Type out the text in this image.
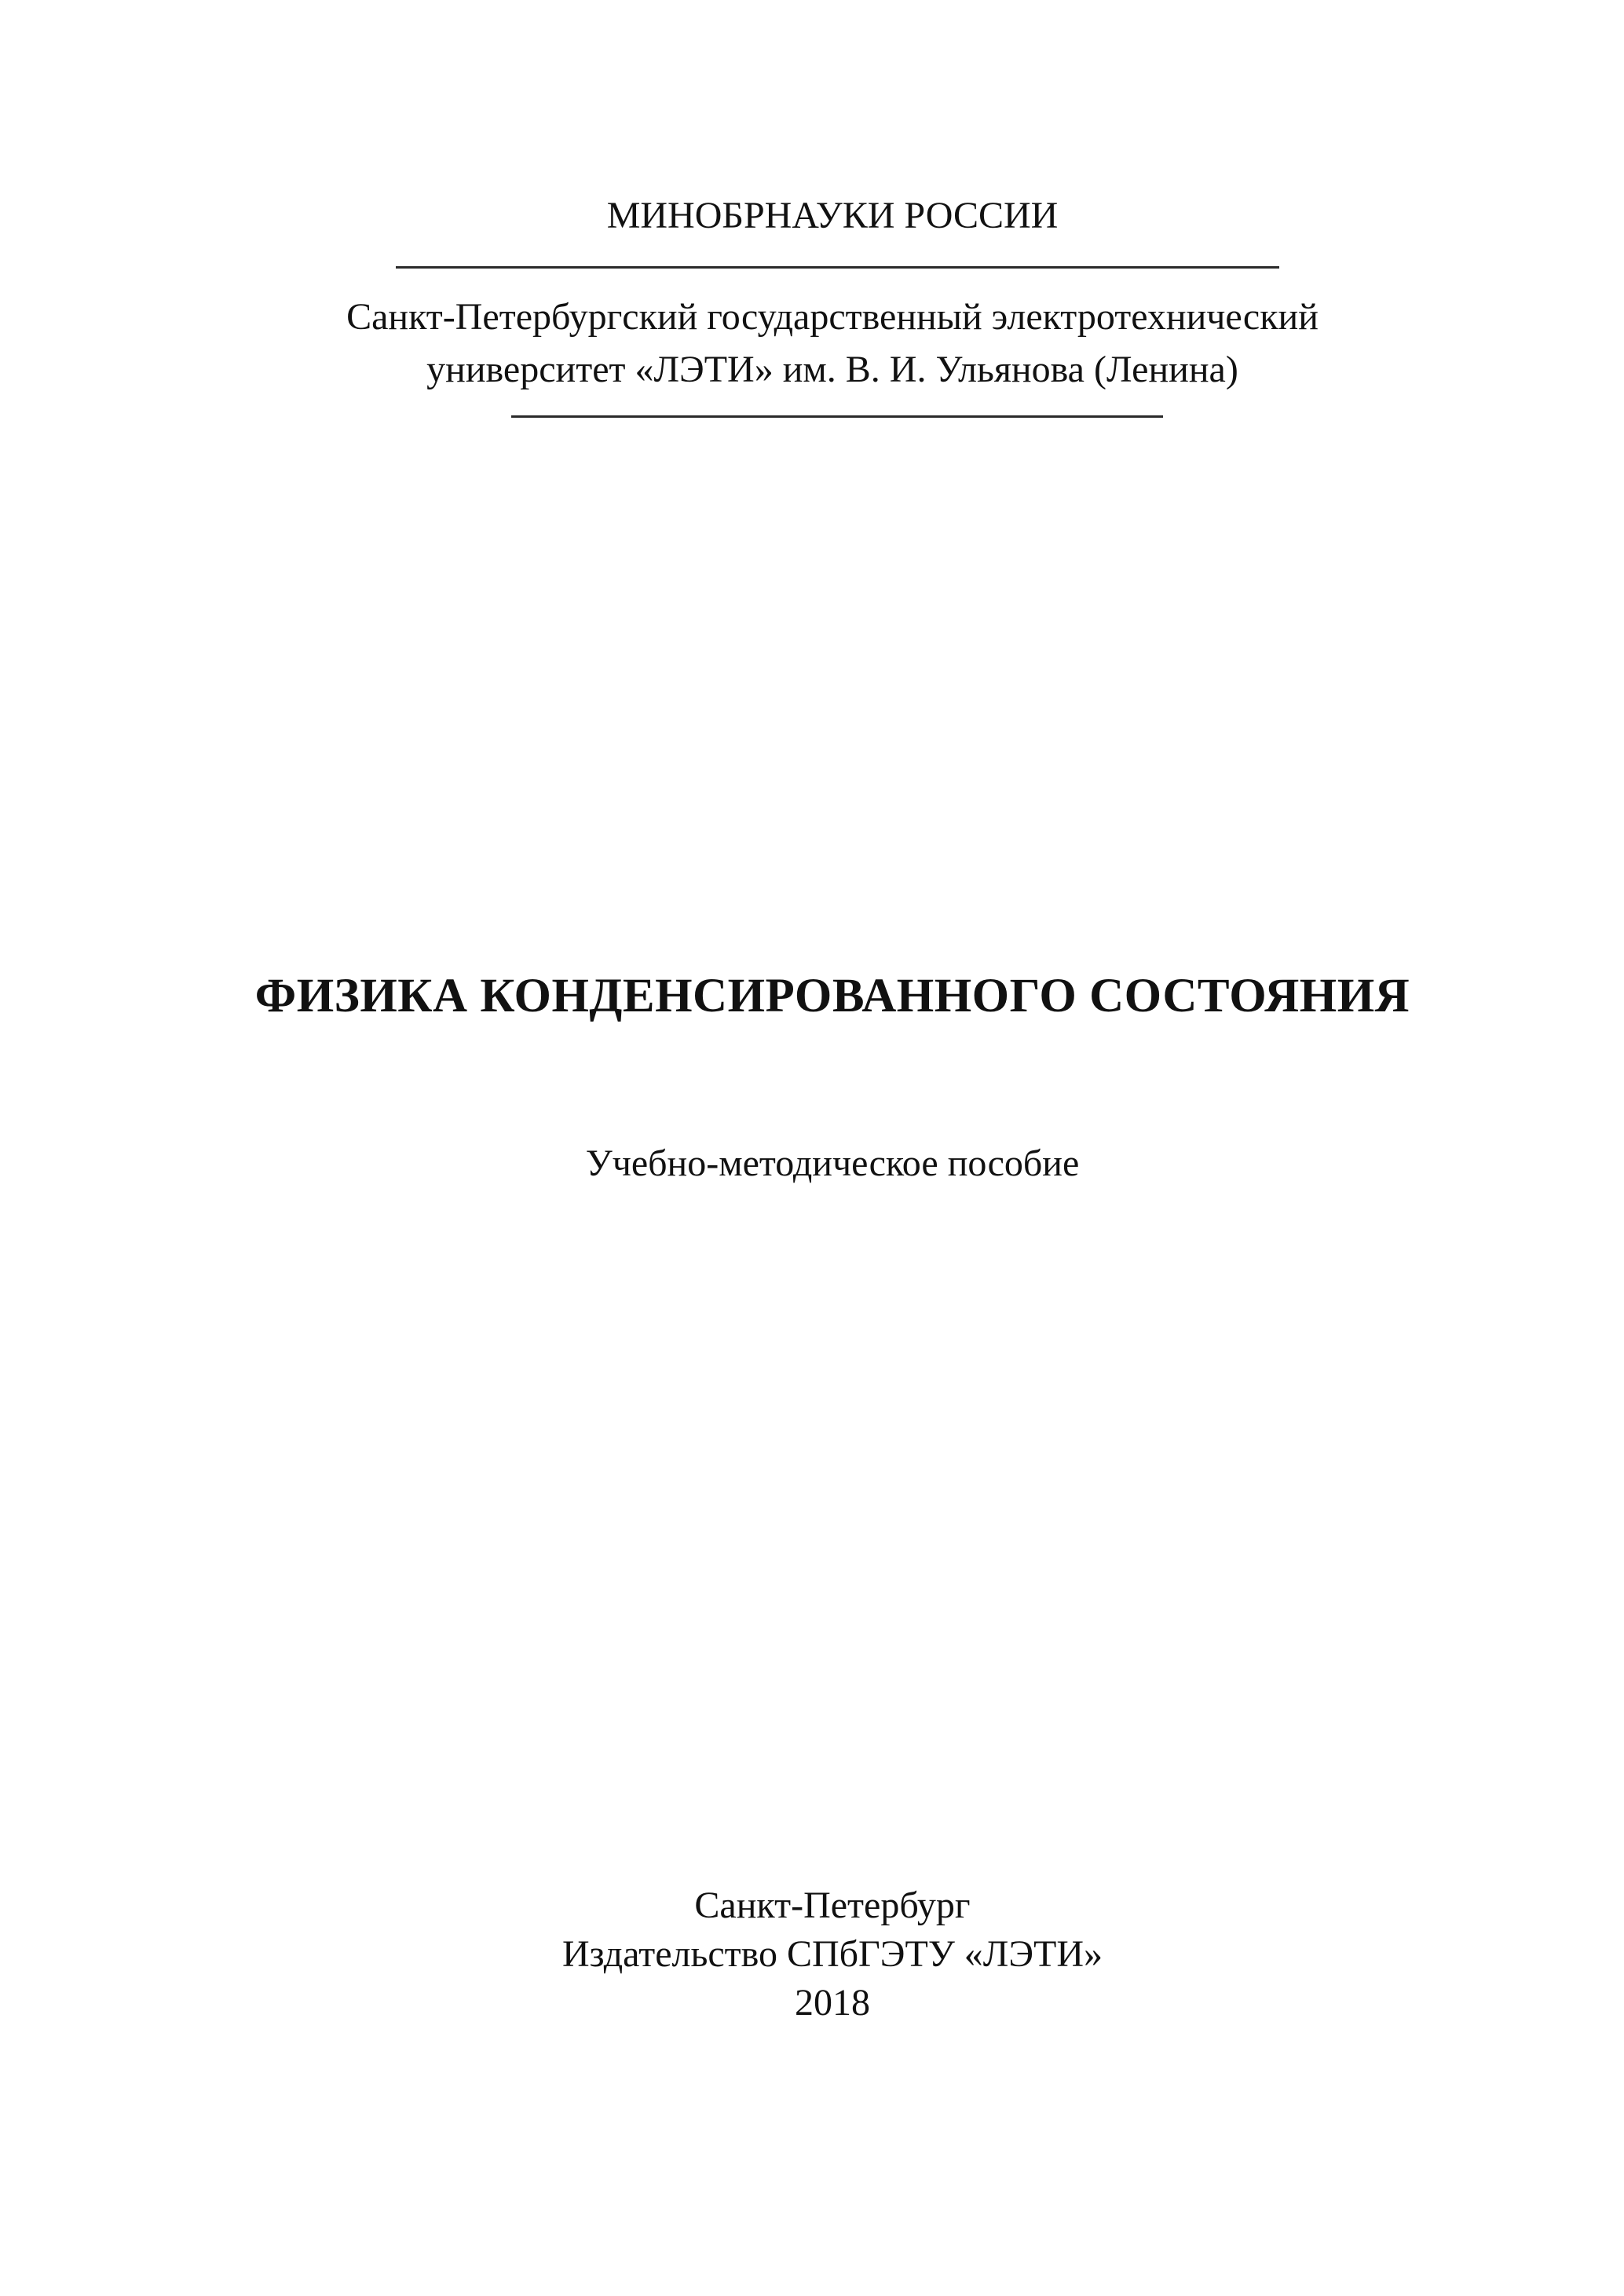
МИНОБРНАУКИ РОССИИ
Санкт-Петербургский государственный электротехнический
университет «ЛЭТИ» им. В. И. Ульянова (Ленина)
ФИЗИКА КОНДЕНСИРОВАННОГО СОСТОЯНИЯ
Учебно-методическое пособие
Санкт-Петербург
Издательство СПбГЭТУ «ЛЭТИ»
2018
